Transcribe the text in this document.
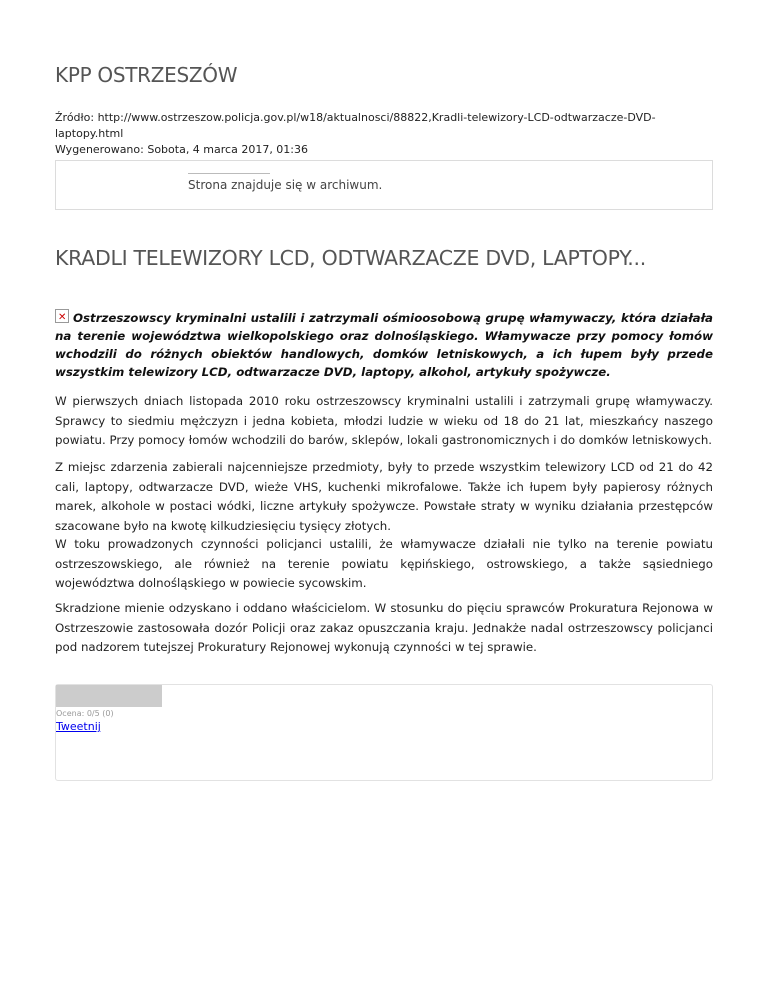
KPP OSTRZESZÓW
Źródło: http://www.ostrzeszow.policja.gov.pl/w18/aktualnosci/88822,Kradli-telewizory-LCD-odtwarzacze-DVD-laptopy.html
Wygenerowano: Sobota, 4 marca 2017, 01:36
Strona znajduje się w archiwum.
KRADLI TELEWIZORY LCD, ODTWARZACZE DVD, LAPTOPY...

✕Ostrzeszowscy kryminalni ustalili i zatrzymali ośmioosobową grupę włamywaczy, która działała na terenie województwa wielkopolskiego oraz dolnośląskiego. Włamywacze przy pomocy łomów wchodzili do różnych obiektów handlowych, domków letniskowych, a ich łupem były przede wszystkim telewizory LCD, odtwarzacze DVD, laptopy, alkohol, artykuły spożywcze.

W pierwszych dniach listopada 2010 roku ostrzeszowscy kryminalni ustalili i zatrzymali grupę włamywaczy. Sprawcy to siedmiu mężczyzn i jedna kobieta, młodzi ludzie w wieku od 18 do 21 lat, mieszkańcy naszego powiatu. Przy pomocy łomów wchodzili do barów, sklepów, lokali gastronomicznych i do domków letniskowych.

Z miejsc zdarzenia zabierali najcenniejsze przedmioty, były to przede wszystkim telewizory LCD od 21 do 42 cali, laptopy, odtwarzacze DVD, wieże VHS, kuchenki mikrofalowe. Także ich łupem były papierosy różnych marek, alkohole w postaci wódki, liczne artykuły spożywcze. Powstałe straty w wyniku działania przestępców szacowane było na kwotę kilkudziesięciu tysięcy złotych.

W toku prowadzonych czynności policjanci ustalili, że włamywacze działali nie tylko na terenie powiatu ostrzeszowskiego, ale również na terenie powiatu kępińskiego, ostrowskiego, a także sąsiedniego województwa dolnośląskiego w powiecie sycowskim.

Skradzione mienie odzyskano i oddano właścicielom. W stosunku do pięciu sprawców Prokuratura Rejonowa w Ostrzeszowie zastosowała dozór Policji oraz zakaz opuszczania kraju. Jednakże nadal ostrzeszowscy policjanci pod nadzorem tutejszej Prokuratury Rejonowej wykonują czynności w tej sprawie.

Ocena: 0/5 (0)
Tweetnij
